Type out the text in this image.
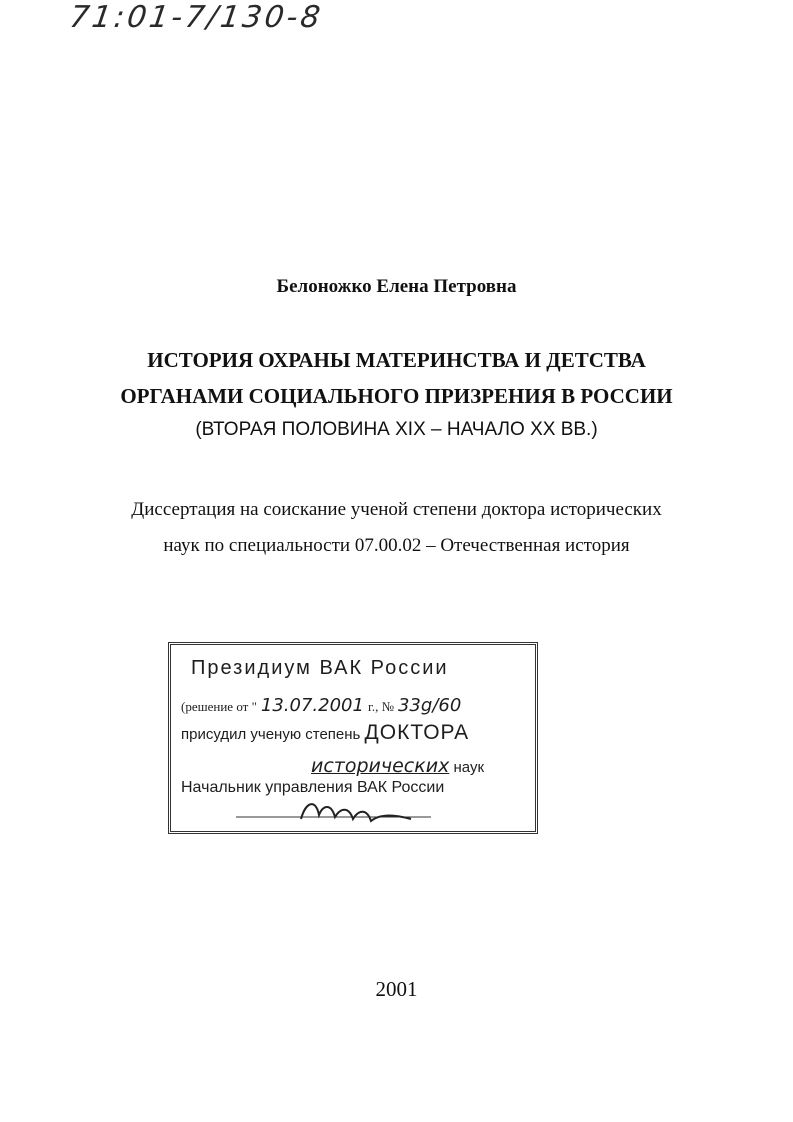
71:01-7/130-8
Белоножко Елена Петровна
ИСТОРИЯ ОХРАНЫ МАТЕРИНСТВА И ДЕТСТВА
ОРГАНАМИ СОЦИАЛЬНОГО ПРИЗРЕНИЯ В РОССИИ
(ВТОРАЯ ПОЛОВИНА XIX – НАЧАЛО XX ВВ.)
Диссертация на соискание ученой степени доктора исторических
наук по специальности 07.00.02 – Отечественная история
Президиум ВАК России
(решение от " 13.07.2001 г., № 33g/60
присудил ученую степень ДОКТОРА
исторических наук
Начальник управления ВАК России
2001
